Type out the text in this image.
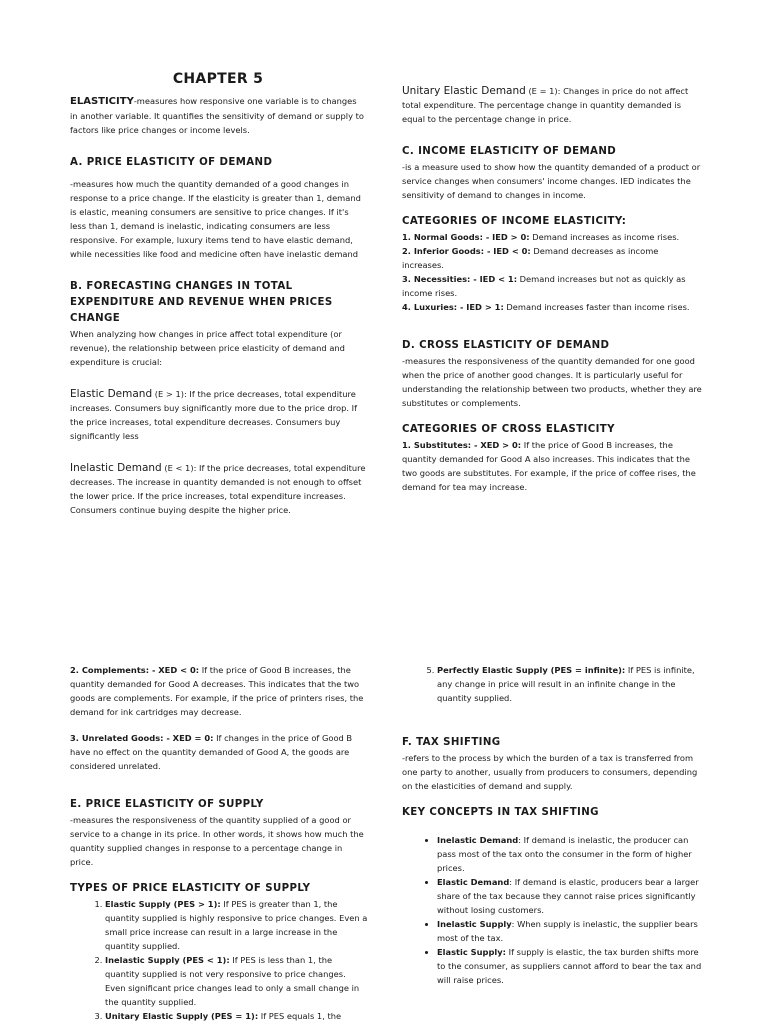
CHAPTER 5

ELASTICITY-measures how responsive one variable is to changes in another variable. It quantifies the sensitivity of demand or supply to factors like price changes or income levels.

A. PRICE ELASTICITY OF DEMAND

-measures how much the quantity demanded of a good changes in response to a price change. If the elasticity is greater than 1, demand is elastic, meaning consumers are sensitive to price changes. If it's less than 1, demand is inelastic, indicating consumers are less responsive. For example, luxury items tend to have elastic demand, while necessities like food and medicine often have inelastic demand

B. FORECASTING CHANGES IN TOTAL EXPENDITURE AND REVENUE WHEN PRICES CHANGE

When analyzing how changes in price affect total expenditure (or revenue), the relationship between price elasticity of demand and expenditure is crucial:

Elastic Demand (E > 1): If the price decreases, total expenditure increases. Consumers buy significantly more due to the price drop. If the price increases, total expenditure decreases. Consumers buy significantly less

Inelastic Demand (E < 1): If the price decreases, total expenditure decreases. The increase in quantity demanded is not enough to offset the lower price. If the price increases, total expenditure increases. Consumers continue buying despite the higher price.

Unitary Elastic Demand (E = 1): Changes in price do not affect total expenditure. The percentage change in quantity demanded is equal to the percentage change in price.

C. INCOME ELASTICITY OF DEMAND

-is a measure used to show how the quantity demanded of a product or service changes when consumers' income changes. IED indicates the sensitivity of demand to changes in income.

CATEGORIES OF INCOME ELASTICITY:

1. Normal Goods: - IED > 0: Demand increases as income rises.

2. Inferior Goods: - IED < 0: Demand decreases as income increases.

3. Necessities: - IED < 1: Demand increases but not as quickly as income rises.

4. Luxuries: - IED > 1: Demand increases faster than income rises.

D. CROSS ELASTICITY OF DEMAND

-measures the responsiveness of the quantity demanded for one good when the price of another good changes. It is particularly useful for understanding the relationship between two products, whether they are substitutes or complements.

CATEGORIES OF CROSS ELASTICITY

1. Substitutes: - XED > 0: If the price of Good B increases, the quantity demanded for Good A also increases. This indicates that the two goods are substitutes. For example, if the price of coffee rises, the demand for tea may increase.

2. Complements: - XED < 0: If the price of Good B increases, the quantity demanded for Good A decreases. This indicates that the two goods are complements. For example, if the price of printers rises, the demand for ink cartridges may decrease.

3. Unrelated Goods: - XED = 0: If changes in the price of Good B have no effect on the quantity demanded of Good A, the goods are considered unrelated.

E. PRICE ELASTICITY OF SUPPLY

-measures the responsiveness of the quantity supplied of a good or service to a change in its price. In other words, it shows how much the quantity supplied changes in response to a percentage change in price.

TYPES OF PRICE ELASTICITY OF SUPPLY
1. Elastic Supply (PES > 1): If PES is greater than 1, the quantity supplied is highly responsive to price changes. Even a small price increase can result in a large increase in the quantity supplied.
2. Inelastic Supply (PES < 1): If PES is less than 1, the quantity supplied is not very responsive to price changes. Even significant price changes lead to only a small change in the quantity supplied.
3. Unitary Elastic Supply (PES = 1): If PES equals 1, the
5. Perfectly Elastic Supply (PES = infinite): If PES is infinite, any change in price will result in an infinite change in the quantity supplied.
F. TAX SHIFTING

-refers to the process by which the burden of a tax is transferred from one party to another, usually from producers to consumers, depending on the elasticities of demand and supply.

KEY CONCEPTS IN TAX SHIFTING
• Inelastic Demand: If demand is inelastic, the producer can pass most of the tax onto the consumer in the form of higher prices.
• Elastic Demand: If demand is elastic, producers bear a larger share of the tax because they cannot raise prices significantly without losing customers.
• Inelastic Supply: When supply is inelastic, the supplier bears most of the tax.
• Elastic Supply: If supply is elastic, the tax burden shifts more to the consumer, as suppliers cannot afford to bear the tax and will raise prices.
